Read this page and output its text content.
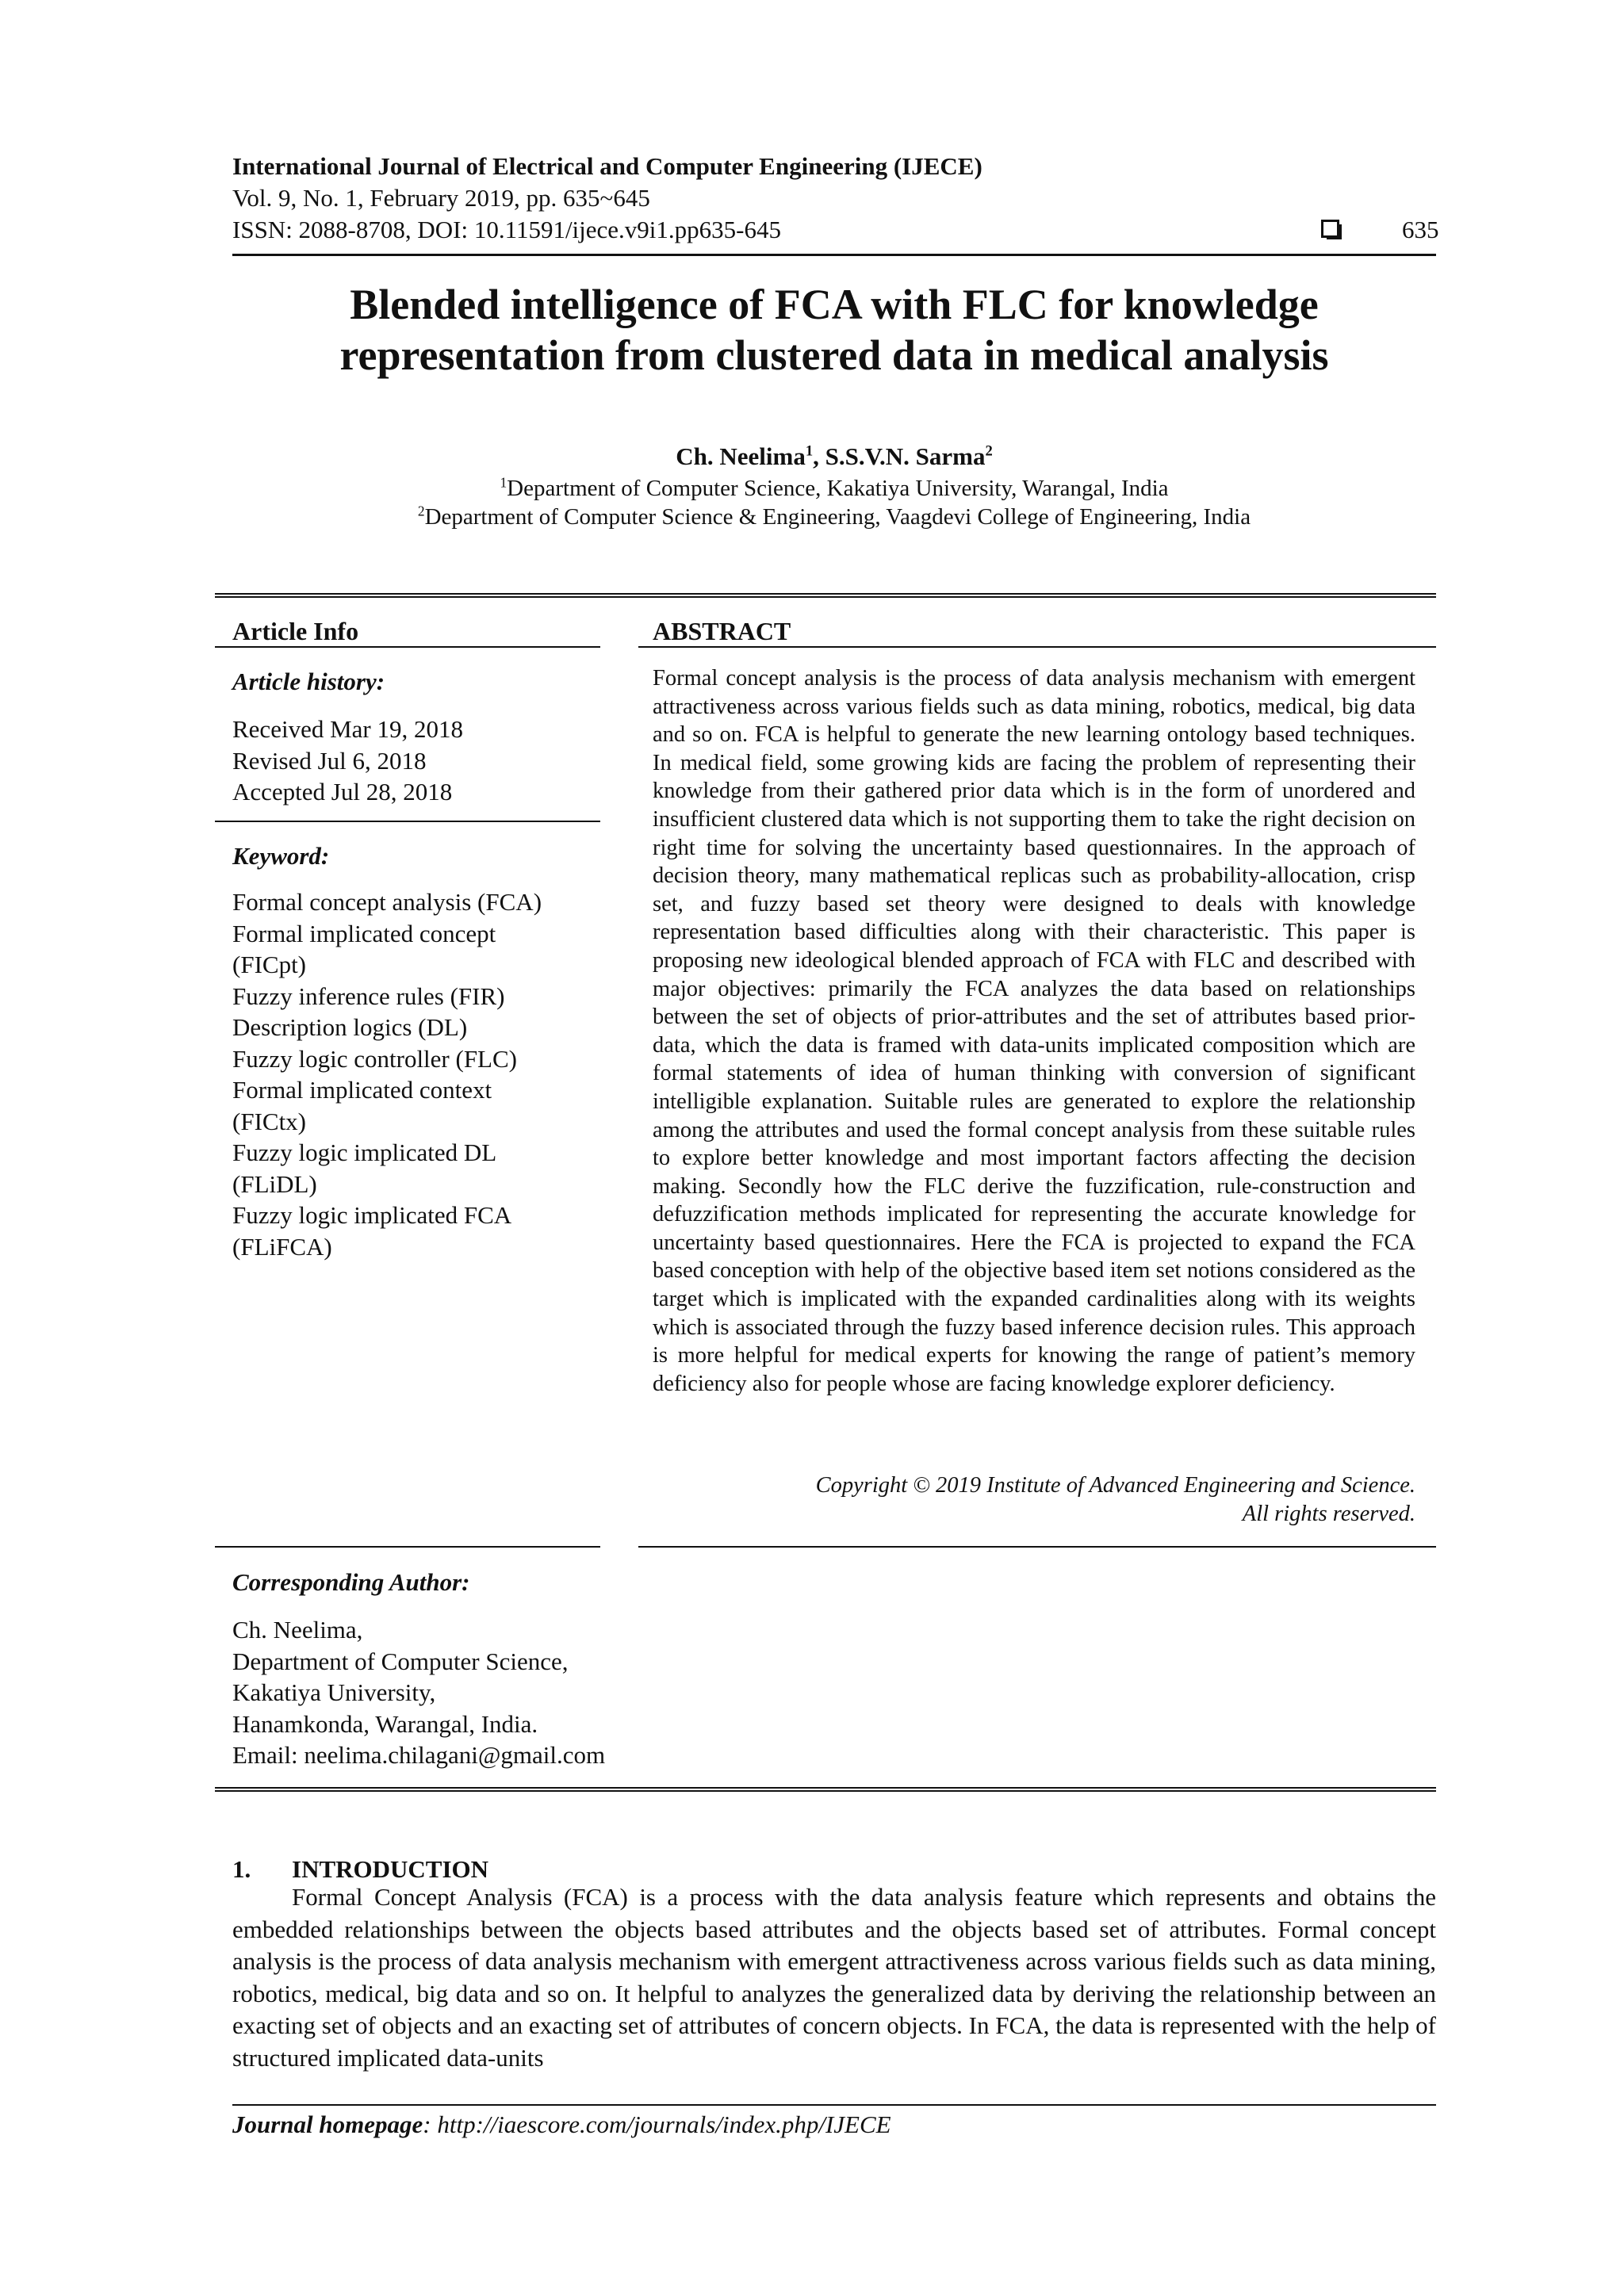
International Journal of Electrical and Computer Engineering (IJECE)
Vol. 9, No. 1, February 2019, pp. 635~645
ISSN: 2088-8708, DOI: 10.11591/ijece.v9i1.pp635-645	635
Blended intelligence of FCA with FLC for knowledge representation from clustered data in medical analysis
Ch. Neelima$^1$, S.S.V.N. Sarma$^2$
$^1$Department of Computer Science, Kakatiya University, Warangal, India
$^2$Department of Computer Science & Engineering, Vaagdevi College of Engineering, India
Article Info
Article history:
Received Mar 19, 2018
Revised Jul 6, 2018
Accepted Jul 28, 2018
Keyword:
Formal concept analysis (FCA)
Formal implicated concept
(FICpt)
Fuzzy inference rules (FIR)
Description logics (DL)
Fuzzy logic controller (FLC)
Formal implicated context
(FICtx)
Fuzzy logic implicated DL
(FLiDL)
Fuzzy logic implicated FCA
(FLiFCA)
Corresponding Author:
Ch. Neelima,
Department of Computer Science,
Kakatiya University,
Hanamkonda, Warangal, India.
Email: neelima.chilagani@gmail.com
ABSTRACT
Formal concept analysis is the process of data analysis mechanism with emergent attractiveness across various fields such as data mining, robotics, medical, big data and so on. FCA is helpful to generate the new learning ontology based techniques. In medical field, some growing kids are facing the problem of representing their knowledge from their gathered prior data which is in the form of unordered and insufficient clustered data which is not supporting them to take the right decision on right time for solving the uncertainty based questionnaires. In the approach of decision theory, many mathematical replicas such as probability-allocation, crisp set, and fuzzy based set theory were designed to deals with knowledge representation based difficulties along with their characteristic. This paper is proposing new ideological blended approach of FCA with FLC and described with major objectives: primarily the FCA analyzes the data based on relationships between the set of objects of prior-attributes and the set of attributes based prior-data, which the data is framed with data-units implicated composition which are formal statements of idea of human thinking with conversion of significant intelligible explanation. Suitable rules are generated to explore the relationship among the attributes and used the formal concept analysis from these suitable rules to explore better knowledge and most important factors affecting the decision making. Secondly how the FLC derive the fuzzification, rule-construction and defuzzification methods implicated for representing the accurate knowledge for uncertainty based questionnaires. Here the FCA is projected to expand the FCA based conception with help of the objective based item set notions considered as the target which is implicated with the expanded cardinalities along with its weights which is associated through the fuzzy based inference decision rules. This approach is more helpful for medical experts for knowing the range of patient’s memory deficiency also for people whose are facing knowledge explorer deficiency.
Copyright © 2019 Institute of Advanced Engineering and Science.
All rights reserved.
1. INTRODUCTION
Formal Concept Analysis (FCA) is a process with the data analysis feature which represents and obtains the embedded relationships between the objects based attributes and the objects based set of attributes. Formal concept analysis is the process of data analysis mechanism with emergent attractiveness across various fields such as data mining, robotics, medical, big data and so on. It helpful to analyzes the generalized data by deriving the relationship between an exacting set of objects and an exacting set of attributes of concern objects. In FCA, the data is represented with the help of structured implicated data-units
Journal homepage: http://iaescore.com/journals/index.php/IJECE
